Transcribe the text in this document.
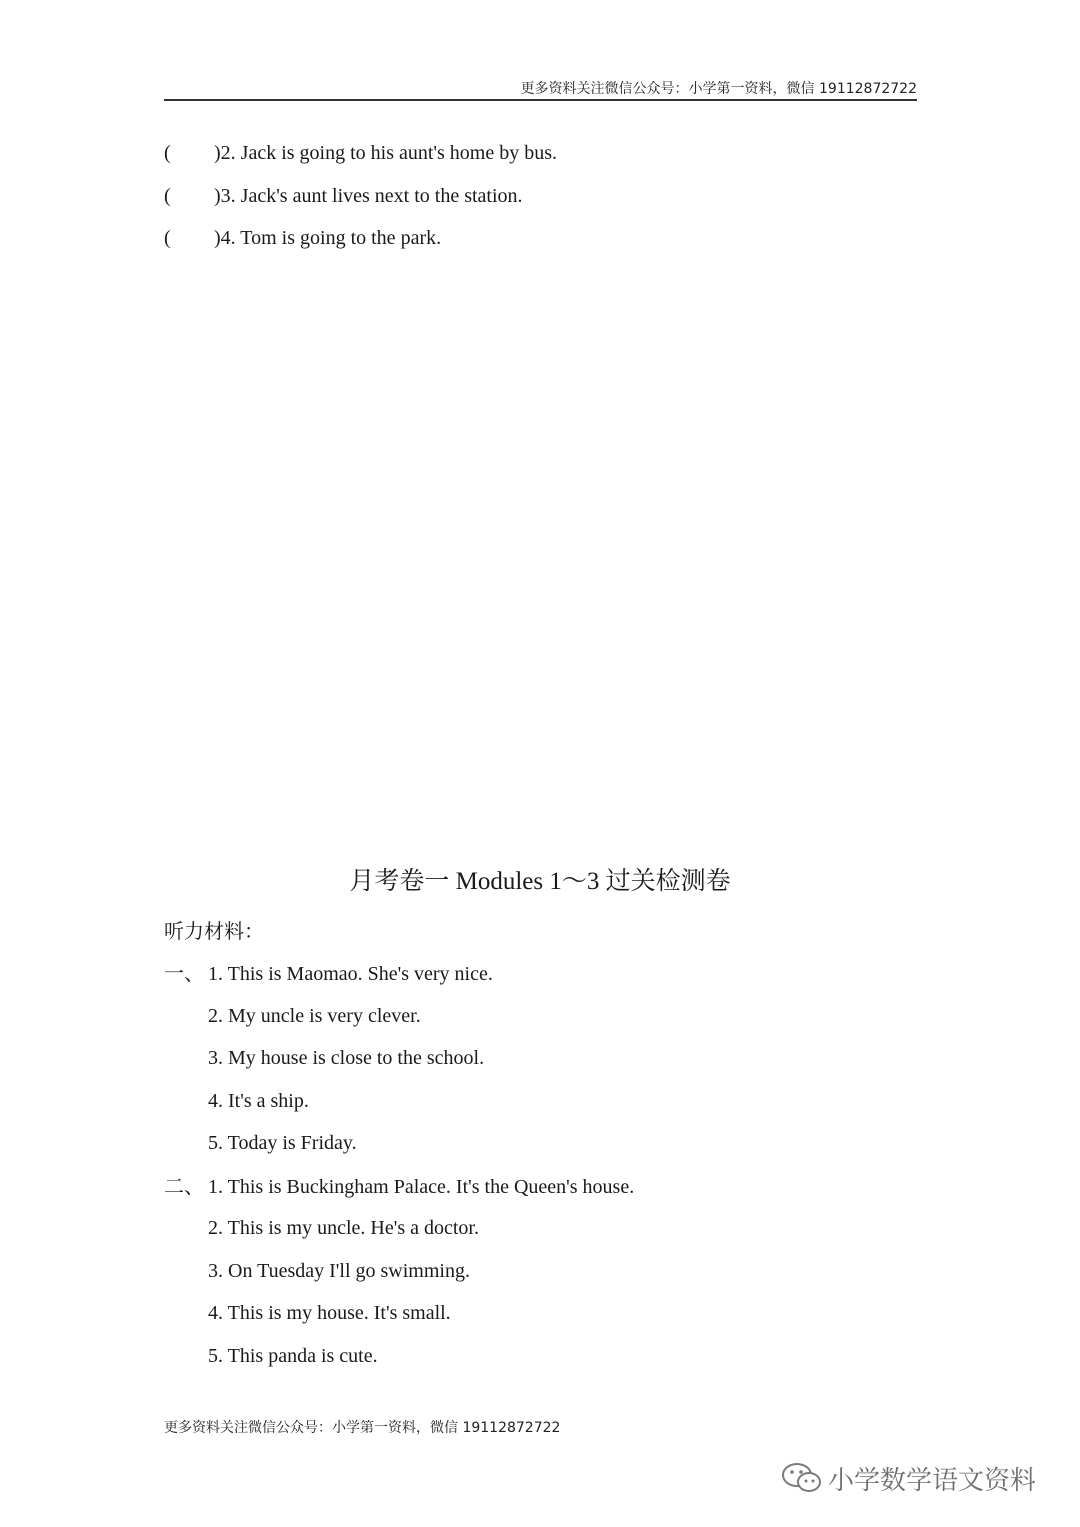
更多资料关注微信公众号：小学第一资料，微信 19112872722
( )2. Jack is going to his aunt's home by bus.
( )3. Jack's aunt lives next to the station.
( )4. Tom is going to the park.
月考卷一 Modules 1～3 过关检测卷
听力材料：
一、 1. This is Maomao. She's very nice.
2. My uncle is very clever.
3. My house is close to the school.
4. It's a ship.
5. Today is Friday.
二、 1. This is Buckingham Palace. It's the Queen's house.
2. This is my uncle. He's a doctor.
3. On Tuesday I'll go swimming.
4. This is my house. It's small.
5. This panda is cute.
更多资料关注微信公众号：小学第一资料，微信 19112872722
小学数学语文资料
